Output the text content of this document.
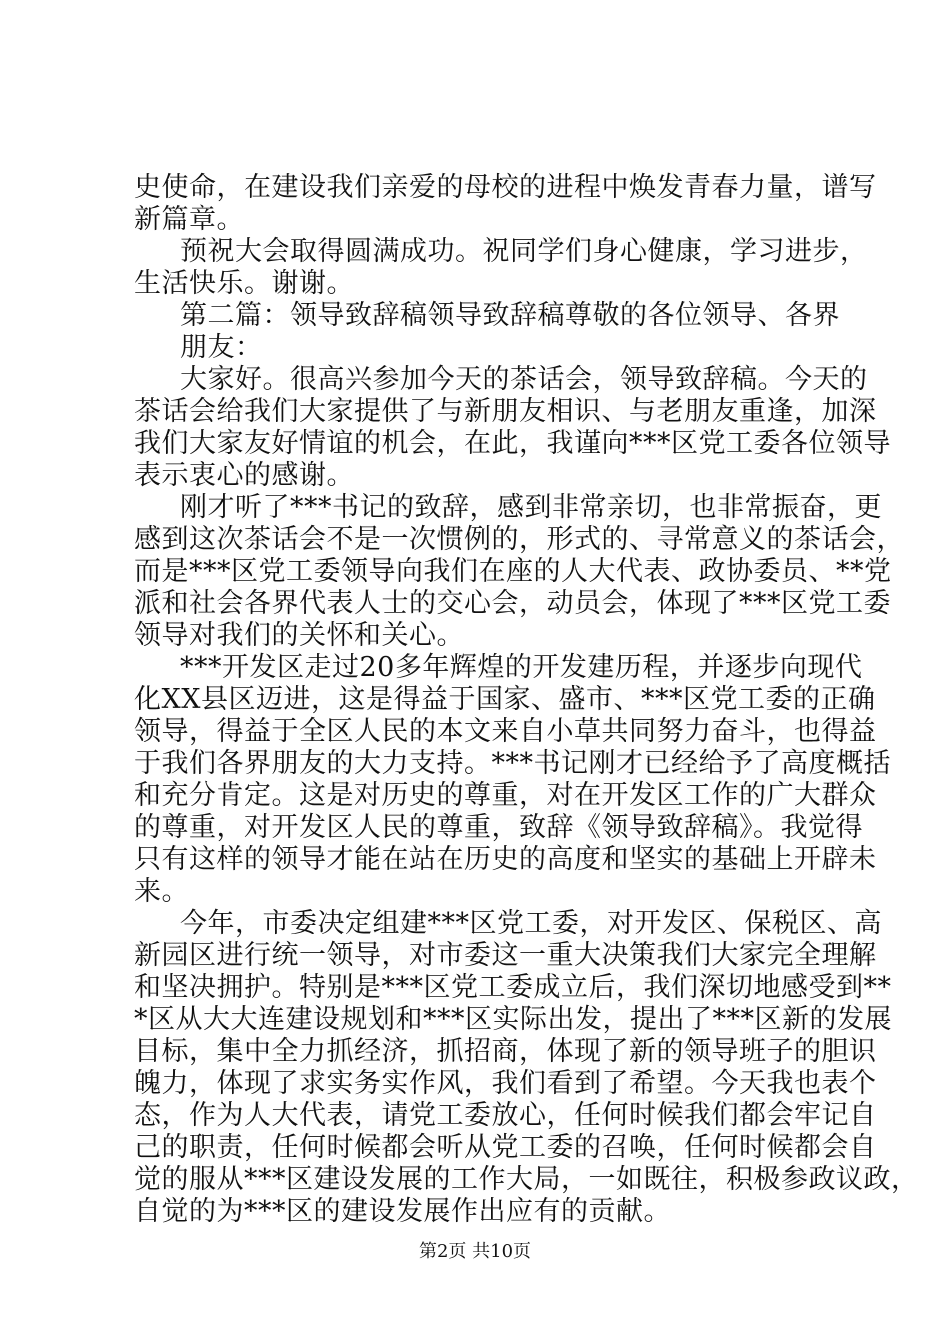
史使命，在建设我们亲爱的母校的进程中焕发青春力量，谱写
新篇章。
预祝大会取得圆满成功。祝同学们身心健康，学习进步，
生活快乐。谢谢。
第二篇：领导致辞稿领导致辞稿尊敬的各位领导、各界
朋友：
大家好。很高兴参加今天的茶话会，领导致辞稿。今天的
茶话会给我们大家提供了与新朋友相识、与老朋友重逢，加深
我们大家友好情谊的机会，在此，我谨向***区党工委各位领导
表示衷心的感谢。
刚才听了***书记的致辞，感到非常亲切，也非常振奋，更
感到这次茶话会不是一次惯例的，形式的、寻常意义的茶话会，
而是***区党工委领导向我们在座的人大代表、政协委员、**党
派和社会各界代表人士的交心会，动员会，体现了***区党工委
领导对我们的关怀和关心。
***开发区走过20多年辉煌的开发建历程，并逐步向现代
化XX县区迈进，这是得益于国家、盛市、***区党工委的正确
领导，得益于全区人民的本文来自小草共同努力奋斗，也得益
于我们各界朋友的大力支持。***书记刚才已经给予了高度概括
和充分肯定。这是对历史的尊重，对在开发区工作的广大群众
的尊重，对开发区人民的尊重，致辞《领导致辞稿》。我觉得
只有这样的领导才能在站在历史的高度和坚实的基础上开辟未
来。
今年，市委决定组建***区党工委，对开发区、保税区、高
新园区进行统一领导，对市委这一重大决策我们大家完全理解
和坚决拥护。特别是***区党工委成立后，我们深切地感受到**
*区从大大连建设规划和***区实际出发，提出了***区新的发展
目标，集中全力抓经济，抓招商，体现了新的领导班子的胆识
魄力，体现了求实务实作风，我们看到了希望。今天我也表个
态，作为人大代表，请党工委放心，任何时候我们都会牢记自
己的职责，任何时候都会听从党工委的召唤，任何时候都会自
觉的服从***区建设发展的工作大局，一如既往，积极参政议政，
自觉的为***区的建设发展作出应有的贡献。
第2页 共10页
